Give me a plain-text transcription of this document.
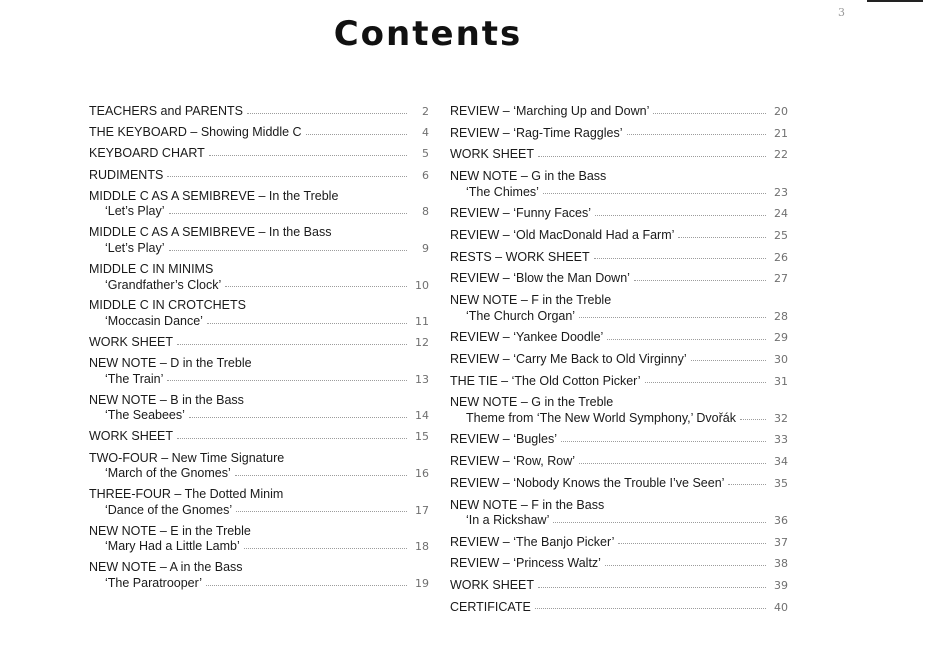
3
Contents
TEACHERS and PARENTS	2
THE KEYBOARD – Showing Middle C	4
KEYBOARD CHART	5
RUDIMENTS	6
MIDDLE C AS A SEMIBREVE – In the Treble
‘Let’s Play’	8
MIDDLE C AS A SEMIBREVE – In the Bass
‘Let’s Play’	9
MIDDLE C IN MINIMS
‘Grandfather’s Clock’	10
MIDDLE C IN CROTCHETS
‘Moccasin Dance’	11
WORK SHEET	12
NEW NOTE – D in the Treble
‘The Train’	13
NEW NOTE – B in the Bass
‘The Seabees’	14
WORK SHEET	15
TWO-FOUR – New Time Signature
‘March of the Gnomes’	16
THREE-FOUR – The Dotted Minim
‘Dance of the Gnomes’	17
NEW NOTE – E in the Treble
‘Mary Had a Little Lamb’	18
NEW NOTE – A in the Bass
‘The Paratrooper’	19
REVIEW – ‘Marching Up and Down’	20
REVIEW – ‘Rag-Time Raggles’	21
WORK SHEET	22
NEW NOTE – G in the Bass
‘The Chimes’	23
REVIEW – ‘Funny Faces’	24
REVIEW – ‘Old MacDonald Had a Farm’	25
RESTS – WORK SHEET	26
REVIEW – ‘Blow the Man Down’	27
NEW NOTE – F in the Treble
‘The Church Organ’	28
REVIEW – ‘Yankee Doodle’	29
REVIEW – ‘Carry Me Back to Old Virginny’	30
THE TIE – ‘The Old Cotton Picker’	31
NEW NOTE – G in the Treble
Theme from ‘The New World Symphony,’ Dvořák	32
REVIEW – ‘Bugles’	33
REVIEW – ‘Row, Row’	34
REVIEW – ‘Nobody Knows the Trouble I’ve Seen’	35
NEW NOTE – F in the Bass
‘In a Rickshaw’	36
REVIEW – ‘The Banjo Picker’	37
REVIEW – ‘Princess Waltz’	38
WORK SHEET	39
CERTIFICATE	40
